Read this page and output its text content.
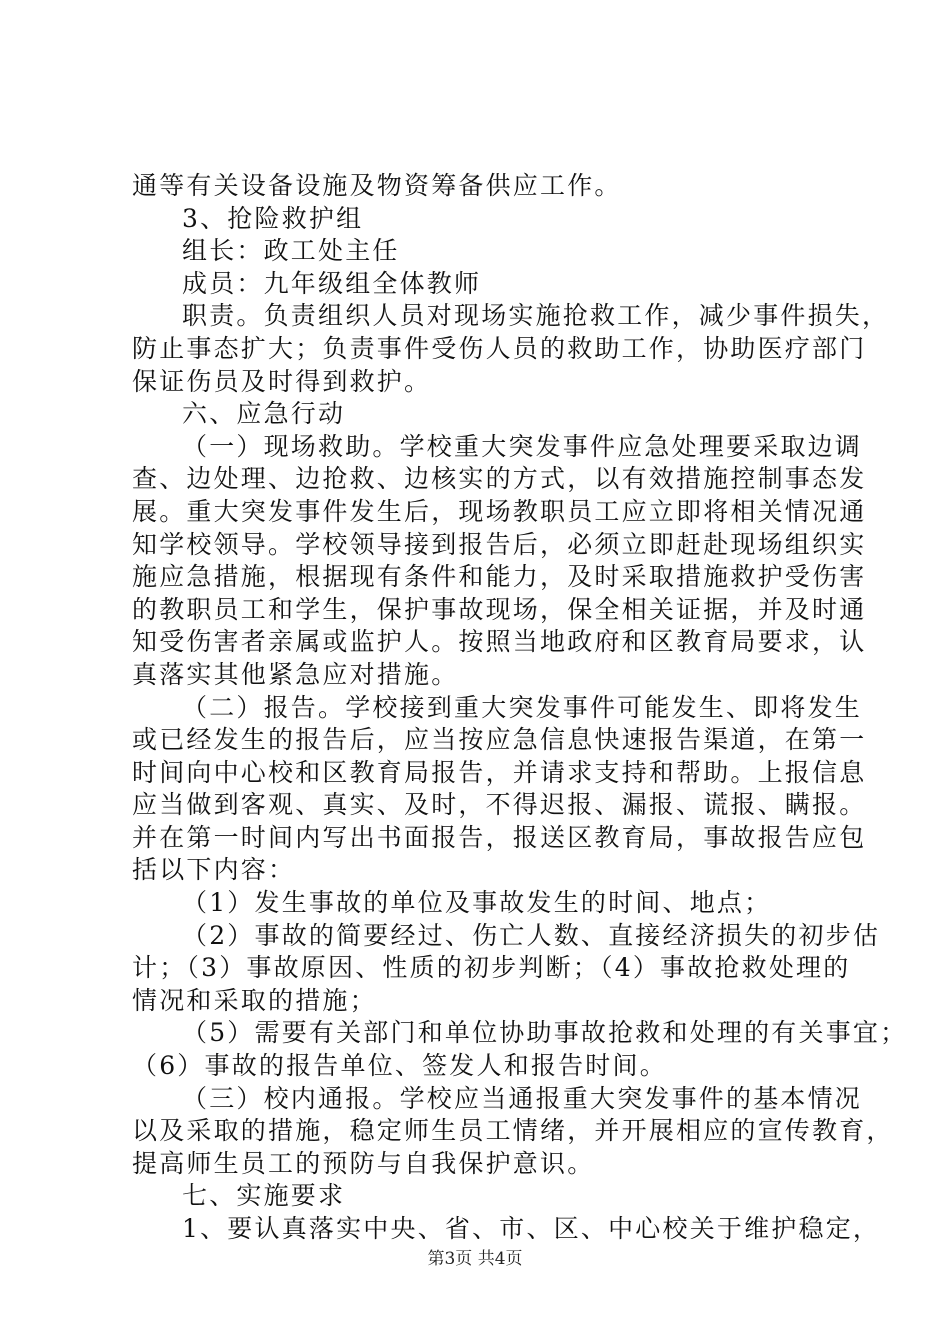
通等有关设备设施及物资筹备供应工作。
3、抢险救护组
组长：政工处主任
成员：九年级组全体教师
职责。负责组织人员对现场实施抢救工作，减少事件损失，
防止事态扩大；负责事件受伤人员的救助工作，协助医疗部门
保证伤员及时得到救护。
六、应急行动
（一）现场救助。学校重大突发事件应急处理要采取边调
查、边处理、边抢救、边核实的方式，以有效措施控制事态发
展。重大突发事件发生后，现场教职员工应立即将相关情况通
知学校领导。学校领导接到报告后，必须立即赶赴现场组织实
施应急措施，根据现有条件和能力，及时采取措施救护受伤害
的教职员工和学生，保护事故现场，保全相关证据，并及时通
知受伤害者亲属或监护人。按照当地政府和区教育局要求，认
真落实其他紧急应对措施。
（二）报告。学校接到重大突发事件可能发生、即将发生
或已经发生的报告后，应当按应急信息快速报告渠道，在第一
时间向中心校和区教育局报告，并请求支持和帮助。上报信息
应当做到客观、真实、及时，不得迟报、漏报、谎报、瞒报。
并在第一时间内写出书面报告，报送区教育局，事故报告应包
括以下内容：
（1）发生事故的单位及事故发生的时间、地点；
（2）事故的简要经过、伤亡人数、直接经济损失的初步估
计；（3）事故原因、性质的初步判断；（4）事故抢救处理的
情况和采取的措施；
（5）需要有关部门和单位协助事故抢救和处理的有关事宜；
（6）事故的报告单位、签发人和报告时间。
（三）校内通报。学校应当通报重大突发事件的基本情况
以及采取的措施，稳定师生员工情绪，并开展相应的宣传教育，
提高师生员工的预防与自我保护意识。
七、实施要求
1、要认真落实中央、省、市、区、中心校关于维护稳定，
第3页 共4页
